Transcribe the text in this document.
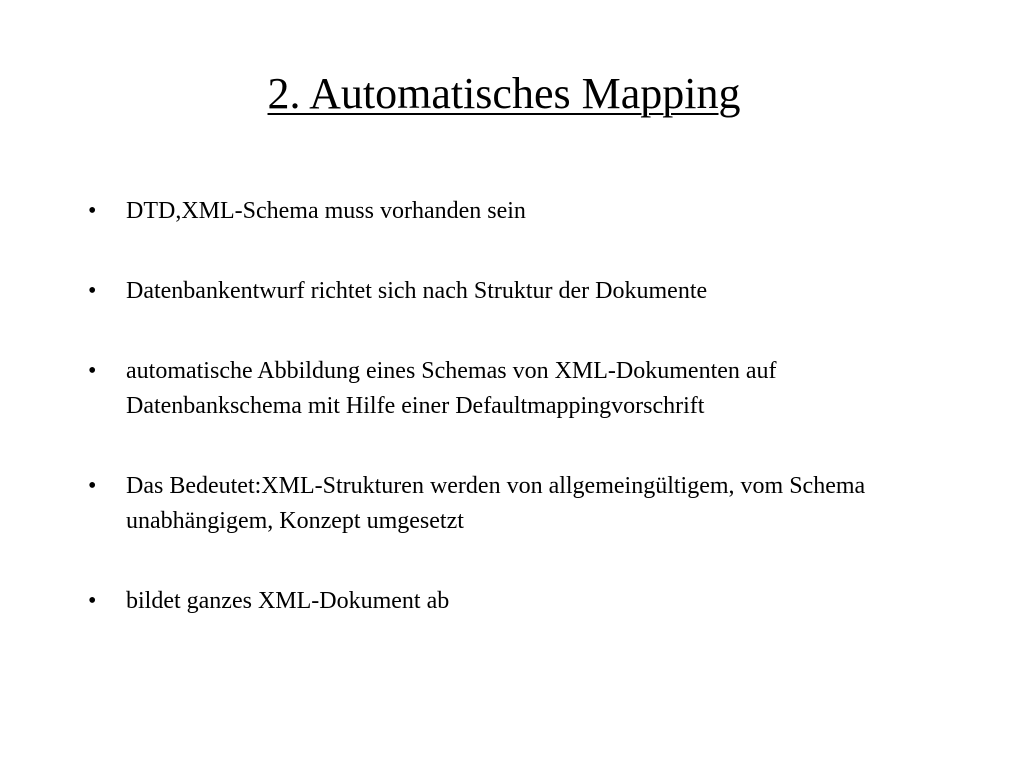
2. Automatisches Mapping
•	DTD,XML-Schema muss vorhanden sein
•	Datenbankentwurf richtet sich nach Struktur der Dokumente
•	automatische Abbildung eines Schemas von XML-Dokumenten auf Datenbankschema mit Hilfe einer Defaultmappingvorschrift
•	Das Bedeutet:XML-Strukturen werden von allgemeingültigem, vom Schema unabhängigem, Konzept umgesetzt
•	bildet ganzes XML-Dokument ab
